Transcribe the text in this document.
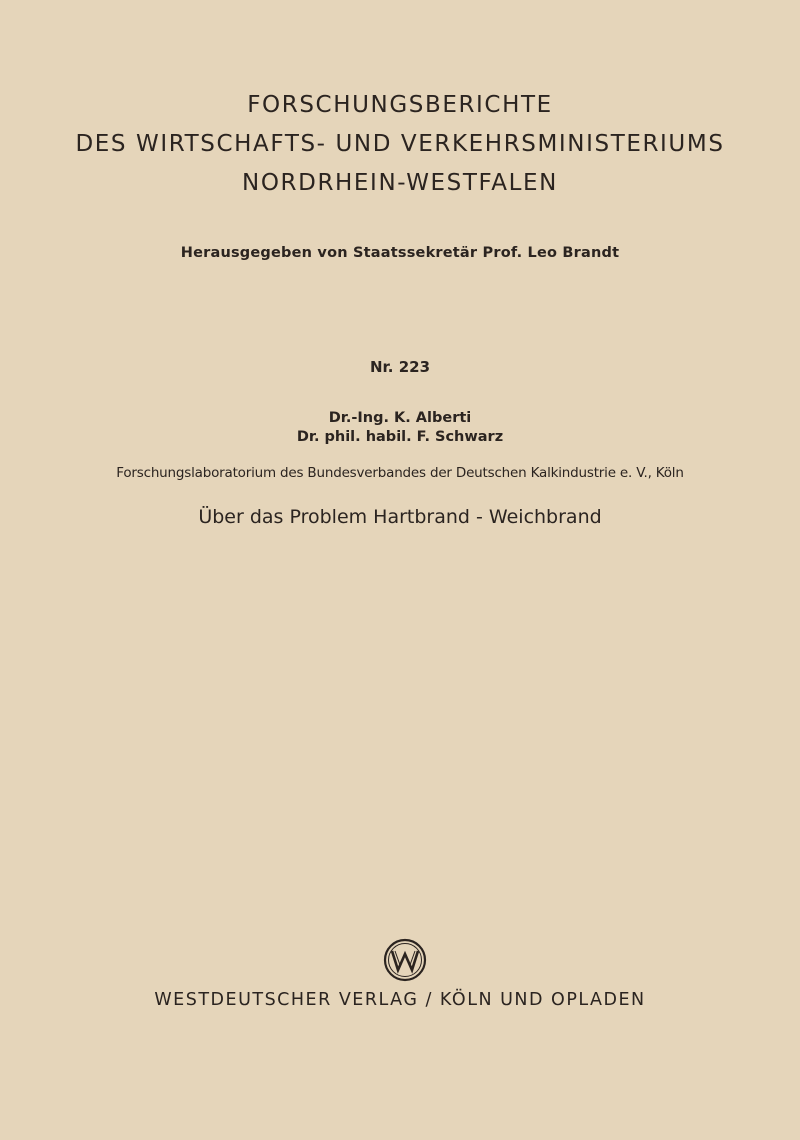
FORSCHUNGSBERICHTE
DES WIRTSCHAFTS- UND VERKEHRSMINISTERIUMS
NORDRHEIN-WESTFALEN
Herausgegeben von Staatssekretär Prof. Leo Brandt
Nr. 223
Dr.-Ing. K. Alberti
Dr. phil. habil. F. Schwarz
Forschungslaboratorium des Bundesverbandes der Deutschen Kalkindustrie e. V., Köln
Über das Problem Hartbrand - Weichbrand
WESTDEUTSCHER VERLAG / KÖLN UND OPLADEN
